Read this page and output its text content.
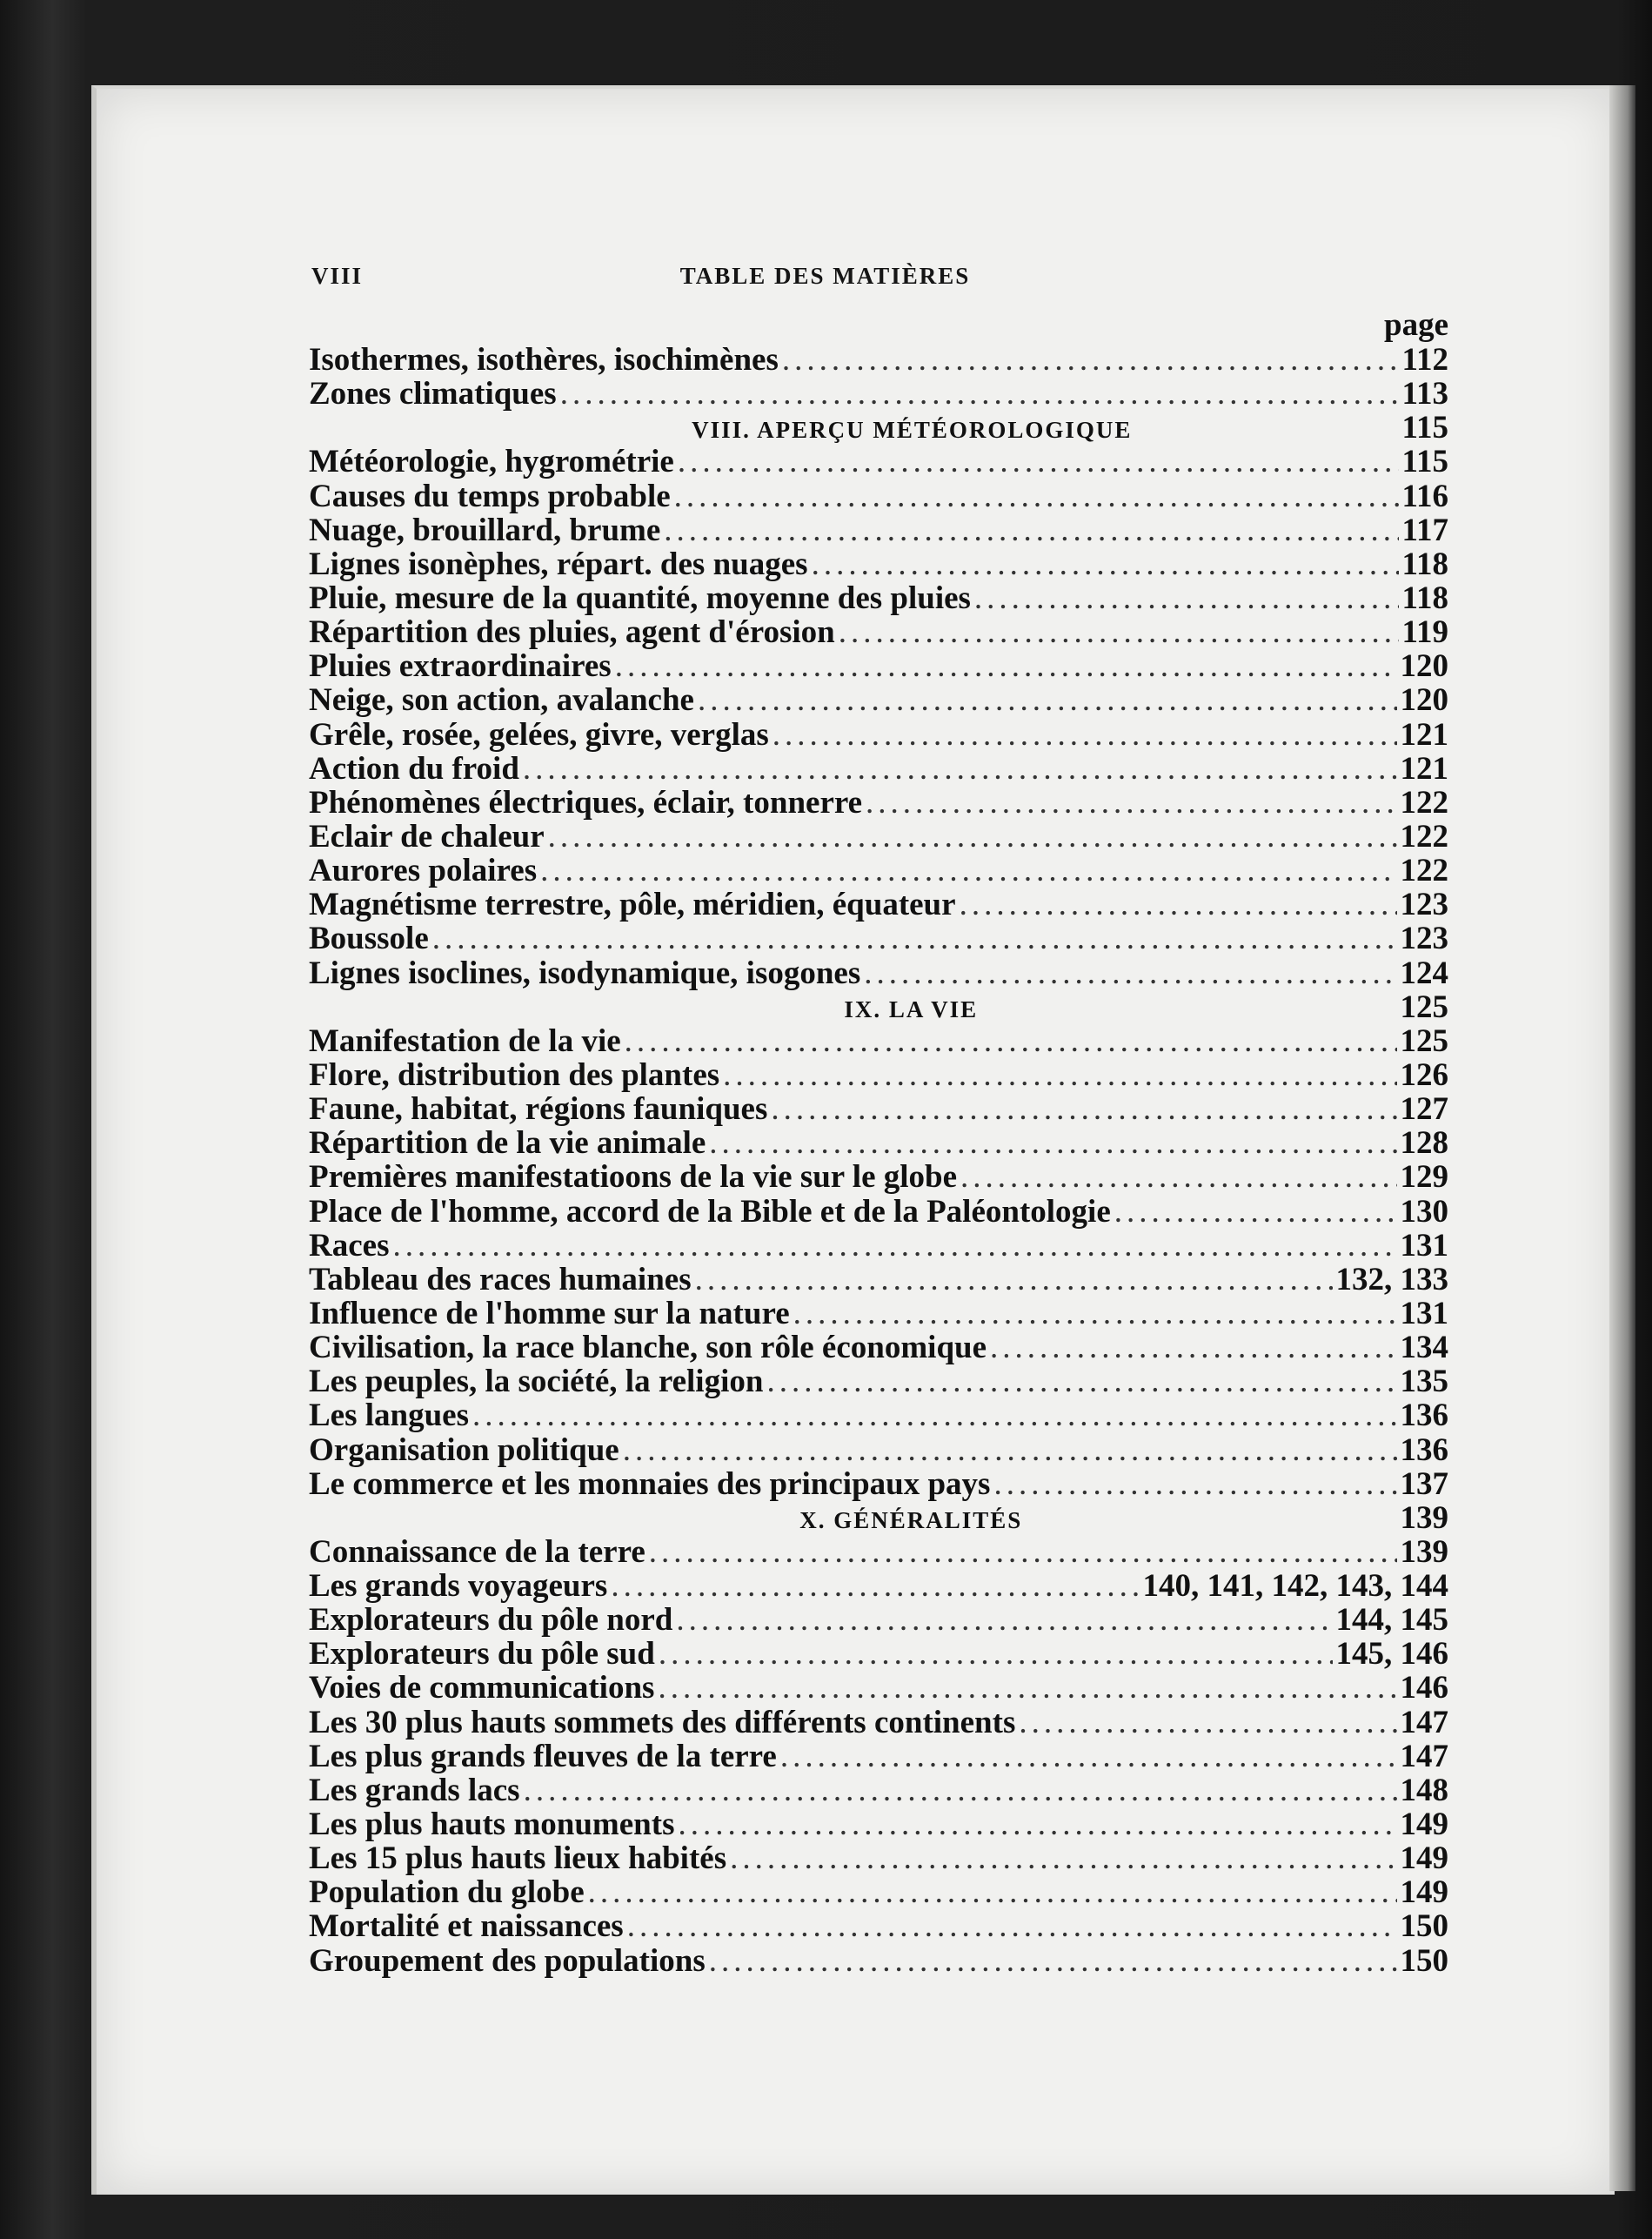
VIII	TABLE DES MATIÈRES
page
Isothermes, isothères, isochimènes .....	112
Zones climatiques .....	113
VIII. APERÇU MÉTÉOROLOGIQUE	115
Météorologie, hygrométrie .....	115
Causes du temps probable .....	116
Nuage, brouillard, brume .....	117
Lignes isonèphes, répart. des nuages .....	118
Pluie, mesure de la quantité, moyenne des pluies .....	118
Répartition des pluies, agent d'érosion .....	119
Pluies extraordinaires .....	120
Neige, son action, avalanche .....	120
Grêle, rosée, gelées, givre, verglas .....	121
Action du froid .....	121
Phénomènes électriques, éclair, tonnerre .....	122
Eclair de chaleur .....	122
Aurores polaires .....	122
Magnétisme terrestre, pôle, méridien, équateur .....	123
Boussole .....	123
Lignes isoclines, isodynamique, isogones .....	124
IX. LA VIE	125
Manifestation de la vie .....	125
Flore, distribution des plantes .....	126
Faune, habitat, régions fauniques .....	127
Répartition de la vie animale .....	128
Premières manifestatioons de la vie sur le globe .....	129
Place de l'homme, accord de la Bible et de la Paléontologie .....	130
Races .....	131
Tableau des races humaines .....	132, 133
Influence de l'homme sur la nature .....	131
Civilisation, la race blanche, son rôle économique .....	134
Les peuples, la société, la religion .....	135
Les langues .....	136
Organisation politique .....	136
Le commerce et les monnaies des principaux pays .....	137
X. GÉNÉRALITÉS	139
Connaissance de la terre .....	139
Les grands voyageurs .....	140, 141, 142, 143, 144
Explorateurs du pôle nord .....	144, 145
Explorateurs du pôle sud .....	145, 146
Voies de communications .....	146
Les 30 plus hauts sommets des différents continents .....	147
Les plus grands fleuves de la terre .....	147
Les grands lacs .....	148
Les plus hauts monuments .....	149
Les 15 plus hauts lieux habités .....	149
Population du globe .....	149
Mortalité et naissances .....	150
Groupement des populations .....	150
